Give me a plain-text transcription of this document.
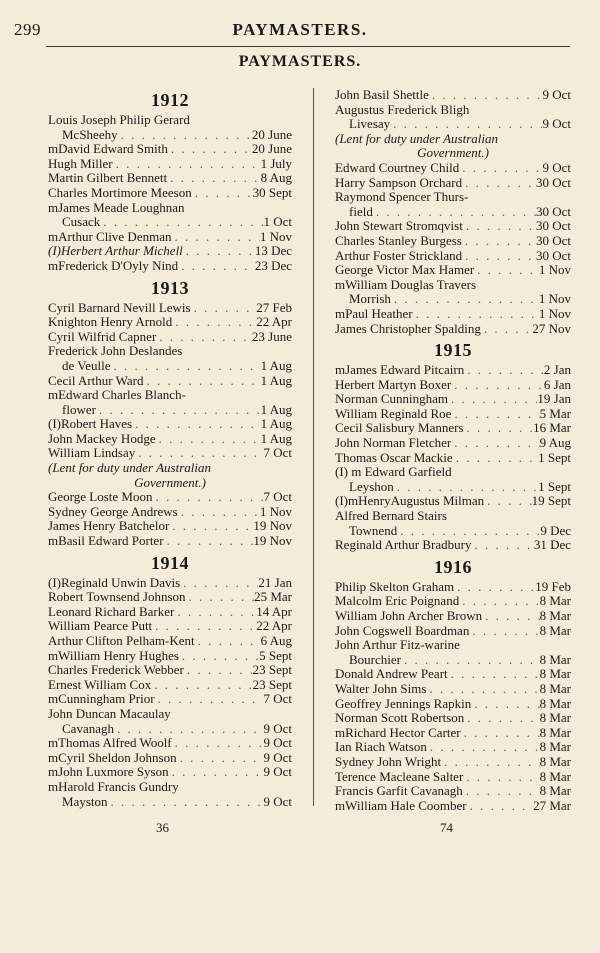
299	PAYMASTERS.
PAYMASTERS.
1912
Louis Joseph Philip Gerard
McSheehy . . .	20 June
mDavid Edward Smith . . .	20 June
Hugh Miller . . .	1 July
Martin Gilbert Bennett . . .	8 Aug
Charles Mortimore Meeson . . .	30 Sept
mJames Meade Loughnan
Cusack . . .	1 Oct
mArthur Clive Denman . . .	1 Nov
(I)Herbert Arthur Michell . . .	13 Dec
mFrederick D'Oyly Nind . . .	23 Dec
1913
Cyril Barnard Nevill Lewis . . .	27 Feb
Knighton Henry Arnold . . .	22 Apr
Cyril Wilfrid Capner . . .	23 June
Frederick John Deslandes
de Veulle . . .	1 Aug
Cecil Arthur Ward . . .	1 Aug
mEdward Charles Blanch-
flower . . .	1 Aug
(I)Robert Haves . . .	1 Aug
John Mackey Hodge . . .	1 Aug
William Lindsay . . .	7 Oct
(Lent for duty under Australian
Government.)
George Loste Moon . . .	7 Oct
Sydney George Andrews . . .	1 Nov
James Henry Batchelor . . .	19 Nov
mBasil Edward Porter . . .	19 Nov
1914
(I)Reginald Unwin Davis . . .	21 Jan
Robert Townsend Johnson . . .	25 Mar
Leonard Richard Barker . . .	14 Apr
William Pearce Putt . . .	22 Apr
Arthur Clifton Pelham-Kent . . .	6 Aug
mWilliam Henry Hughes . . .	5 Sept
Charles Frederick Webber . . .	23 Sept
Ernest William Cox . . .	23 Sept
mCunningham Prior . . .	7 Oct
John Duncan Macaulay
Cavanagh . . .	9 Oct
mThomas Alfred Woolf . . .	9 Oct
mCyril Sheldon Johnson . . .	9 Oct
mJohn Luxmore Syson . . .	9 Oct
mHarold Francis Gundry
Mayston . . .	9 Oct
John Basil Shettle . . .	9 Oct
Augustus Frederick Bligh
Livesay . . .	9 Oct
(Lent for duty under Australian
Government.)
Edward Courtney Child . . .	9 Oct
Harry Sampson Orchard . . .	30 Oct
Raymond Spencer Thurs-
field . . .	30 Oct
John Stewart Stromqvist . . .	30 Oct
Charles Stanley Burgess . . .	30 Oct
Arthur Foster Strickland . . .	30 Oct
George Victor Max Hamer . . .	1 Nov
mWilliam Douglas Travers
Morrish . . .	1 Nov
mPaul Heather . . .	1 Nov
James Christopher Spalding . . .	27 Nov
1915
mJames Edward Pitcairn . . .	2 Jan
Herbert Martyn Boxer . . .	6 Jan
Norman Cunningham . . .	19 Jan
William Reginald Roe . . .	5 Mar
Cecil Salisbury Manners . . .	16 Mar
John Norman Fletcher . . .	9 Aug
Thomas Oscar Mackie . . .	1 Sept
(I) m Edward Garfield
Leyshon . . .	1 Sept
(I)mHenryAugustus Milman . . .	19 Sept
Alfred Bernard Stairs
Townend . . .	9 Dec
Reginald Arthur Bradbury . . .	31 Dec
1916
Philip Skelton Graham . . .	19 Feb
Malcolm Eric Poignand . . .	8 Mar
William John Archer Brown . . .	8 Mar
John Cogswell Boardman . . .	8 Mar
John Arthur Fitz-warine
Bourchier . . .	8 Mar
Donald Andrew Peart . . .	8 Mar
Walter John Sims . . .	8 Mar
Geoffrey Jennings Rapkin . . .	8 Mar
Norman Scott Robertson . . .	8 Mar
mRichard Hector Carter . . .	8 Mar
Ian Riach Watson . . .	8 Mar
Sydney John Wright . . .	8 Mar
Terence Macleane Salter . . .	8 Mar
Francis Garfit Cavanagh . . .	8 Mar
mWilliam Hale Coomber . . .	27 Mar
36	74
